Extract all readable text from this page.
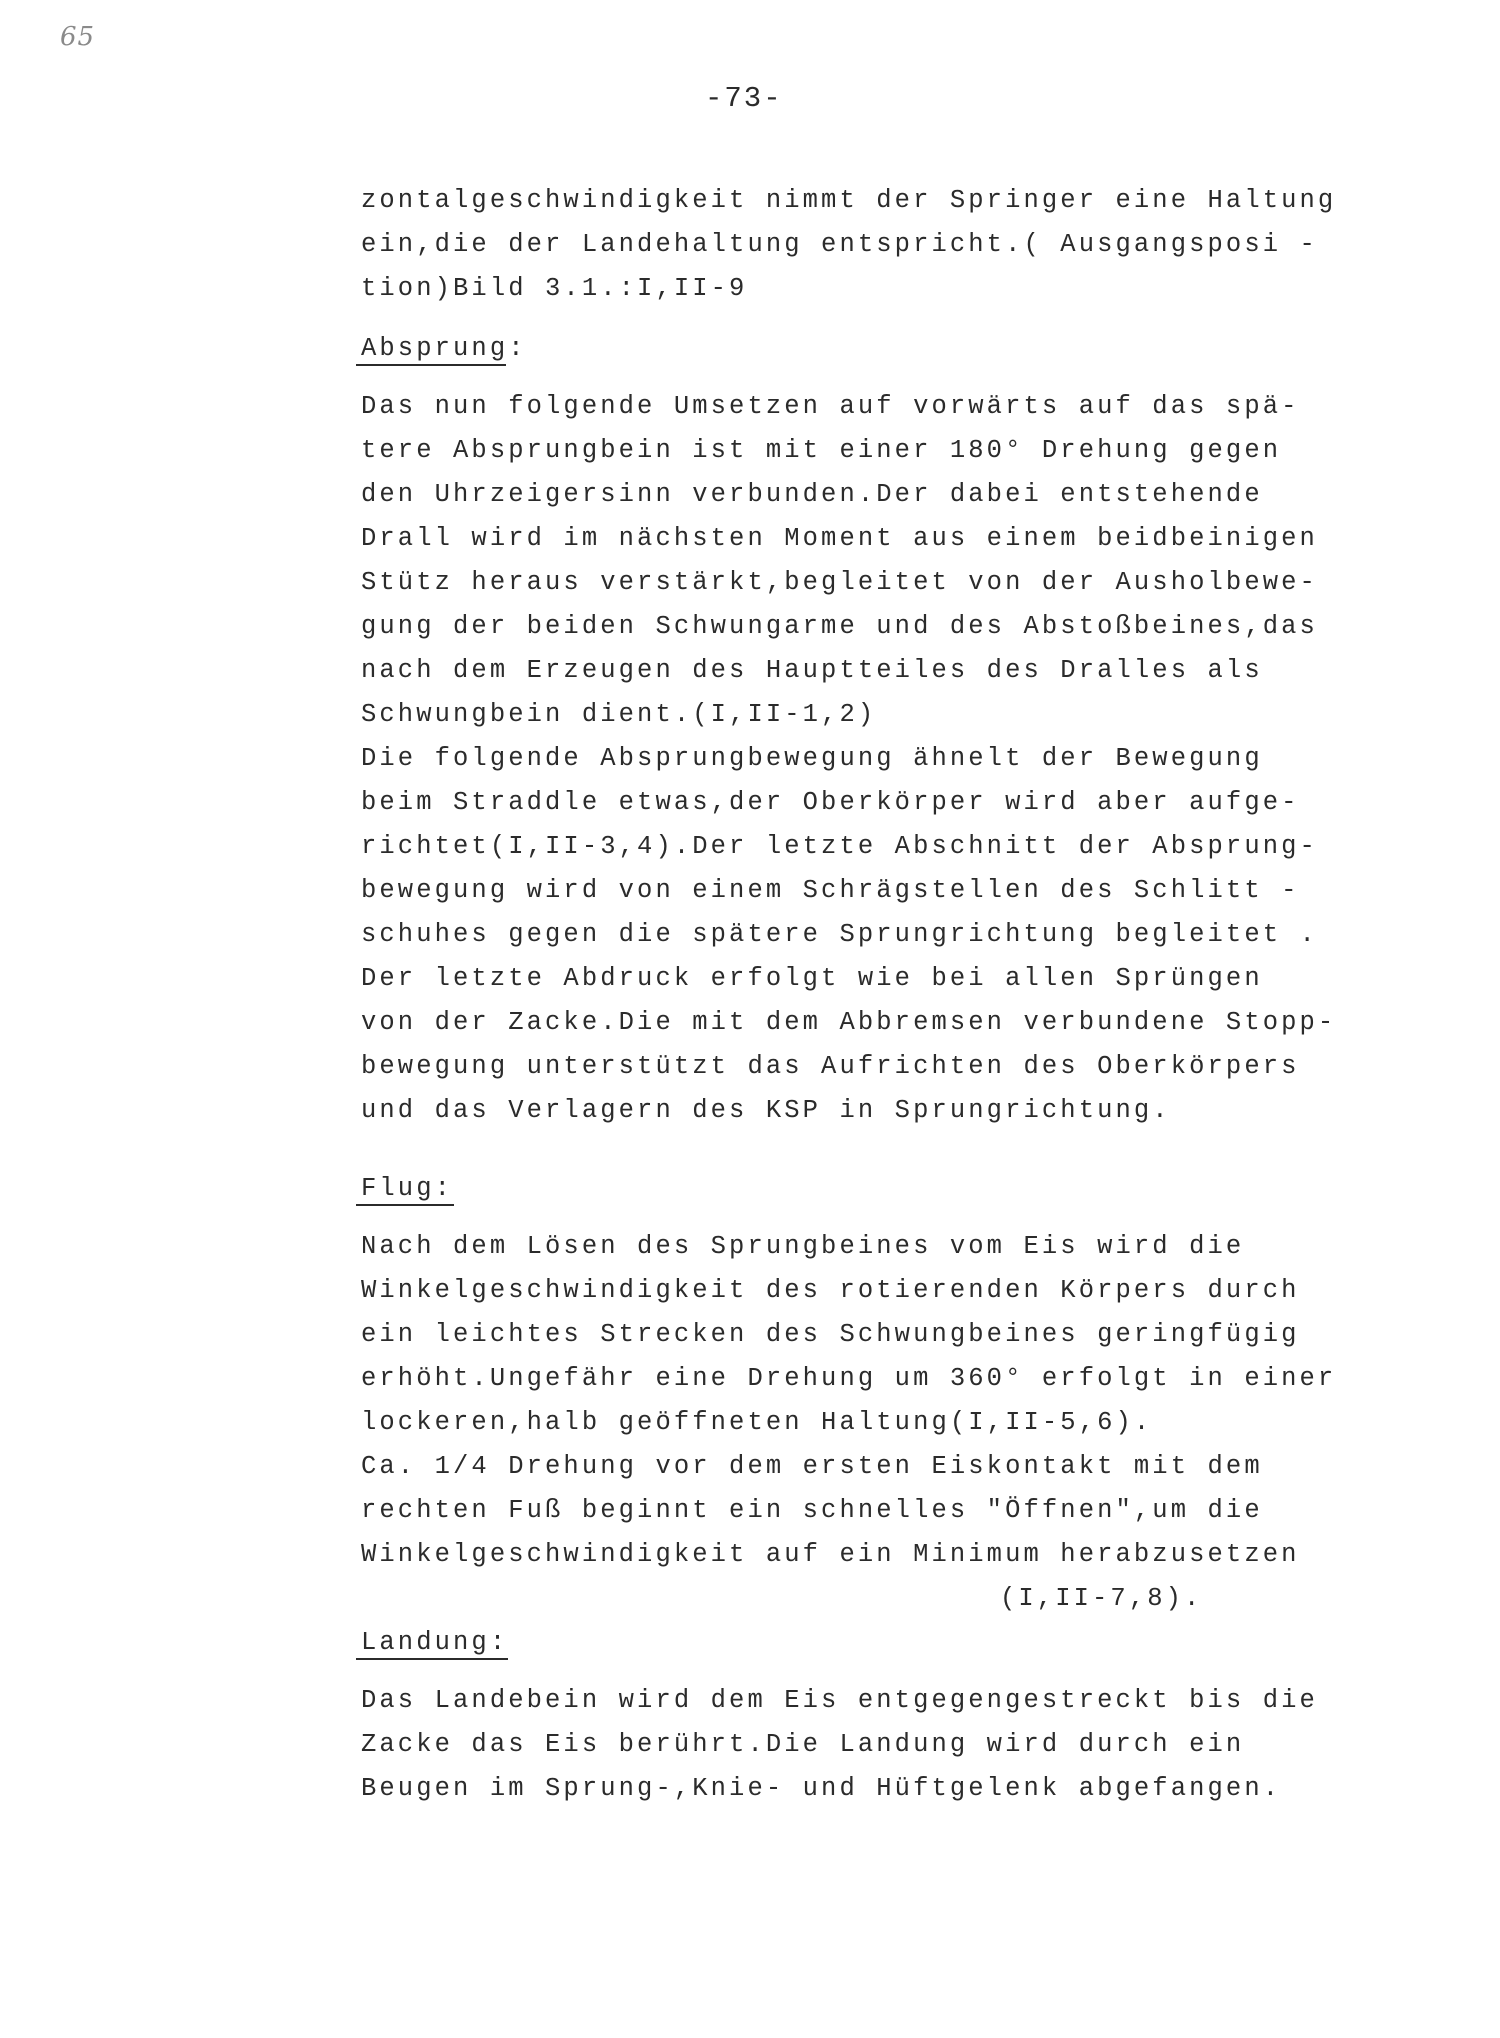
65
-73-
zontalgeschwindigkeit nimmt der Springer eine Haltung
ein,die der Landehaltung entspricht.( Ausgangsposi -
tion)Bild 3.1.:I,II-9
Absprung:
Das nun folgende Umsetzen auf vorwärts auf das spä-
tere Absprungbein ist mit einer 180° Drehung gegen
den Uhrzeigersinn verbunden.Der dabei entstehende
Drall wird im nächsten Moment aus einem beidbeinigen
Stütz heraus verstärkt,begleitet von der Ausholbewe-
gung der beiden Schwungarme und des Abstoßbeines,das
nach dem Erzeugen des Hauptteiles des Dralles als
Schwungbein dient.(I,II-1,2)
Die folgende Absprungbewegung ähnelt der Bewegung
beim Straddle etwas,der Oberkörper wird aber aufge-
richtet(I,II-3,4).Der letzte Abschnitt der Absprung-
bewegung wird von einem Schrägstellen des Schlitt -
schuhes gegen die spätere Sprungrichtung begleitet .
Der letzte Abdruck erfolgt wie bei allen Sprüngen
von der Zacke.Die mit dem Abbremsen verbundene Stopp-
bewegung unterstützt das Aufrichten des Oberkörpers
und das Verlagern des KSP in Sprungrichtung.
Flug:
Nach dem Lösen des Sprungbeines vom Eis wird die
Winkelgeschwindigkeit des rotierenden Körpers durch
ein leichtes Strecken des Schwungbeines geringfügig
erhöht.Ungefähr eine Drehung um 360° erfolgt in einer
lockeren,halb geöffneten Haltung(I,II-5,6).
Ca. 1/4 Drehung vor dem ersten Eiskontakt mit dem
rechten Fuß beginnt ein schnelles "Öffnen",um die
Winkelgeschwindigkeit auf ein Minimum herabzusetzen
(I,II-7,8).
Landung:
Das Landebein wird dem Eis entgegengestreckt bis die
Zacke das Eis berührt.Die Landung wird durch ein
Beugen im Sprung-,Knie- und Hüftgelenk abgefangen.
